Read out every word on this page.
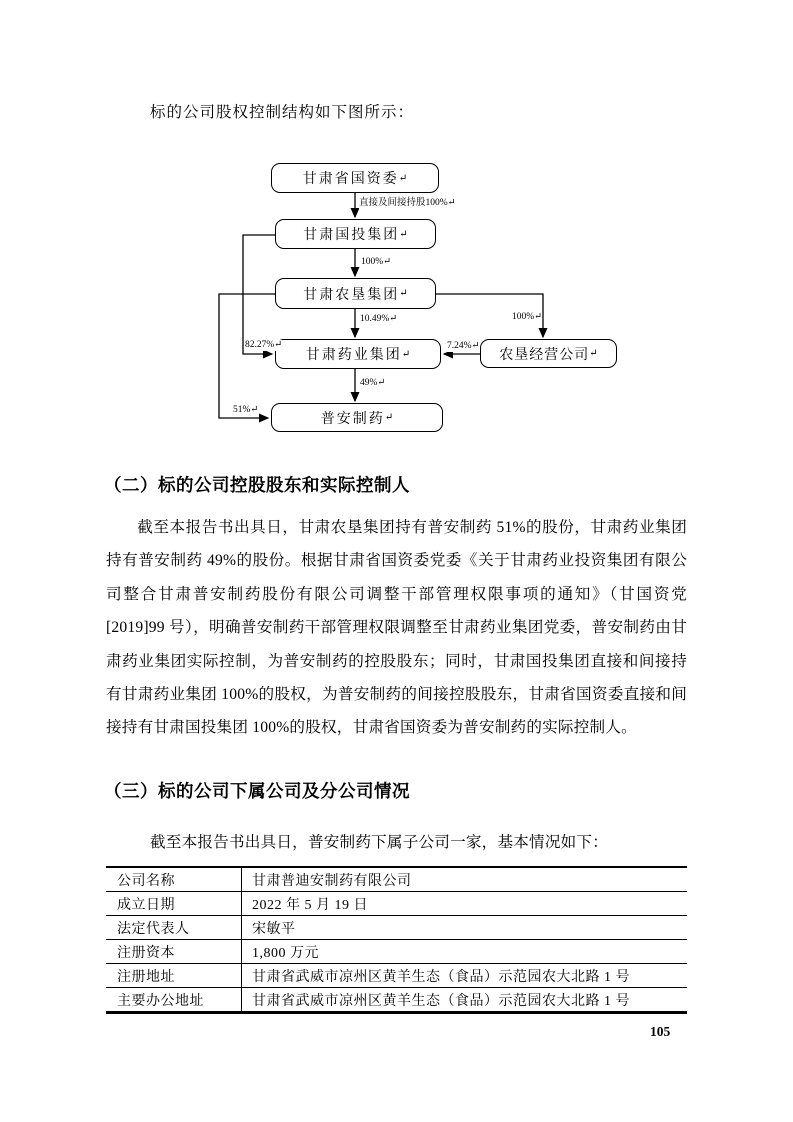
标的公司股权控制结构如下图所示：
甘肃省国资委 ↵
甘肃国投集团 ↵
甘肃农垦集团 ↵
甘肃药业集团 ↵	农垦经营公司 ↵
普安制药 ↵
直接及间接持股100%↵
100%↵
10.49%↵
49%↵
82.27%↵
51%↵
100%↵
7.24%↵
（二）标的公司控股股东和实际控制人
截至本报告书出具日，甘肃农垦集团持有普安制药 51%的股份，甘肃药业集团持有普安制药 49%的股份。根据甘肃省国资委党委《关于甘肃药业投资集团有限公司整合甘肃普安制药股份有限公司调整干部管理权限事项的通知》（甘国资党[2019]99 号），明确普安制药干部管理权限调整至甘肃药业集团党委，普安制药由甘肃药业集团实际控制，为普安制药的控股股东；同时，甘肃国投集团直接和间接持有甘肃药业集团 100%的股权，为普安制药的间接控股股东，甘肃省国资委直接和间接持有甘肃国投集团 100%的股权，甘肃省国资委为普安制药的实际控制人。
（三）标的公司下属公司及分公司情况
截至本报告书出具日，普安制药下属子公司一家，基本情况如下：
公司名称	甘肃普迪安制药有限公司
成立日期	2022 年 5 月 19 日
法定代表人	宋敏平
注册资本	1,800 万元
注册地址	甘肃省武威市凉州区黄羊生态（食品）示范园农大北路 1 号
主要办公地址	甘肃省武威市凉州区黄羊生态（食品）示范园农大北路 1 号
105
